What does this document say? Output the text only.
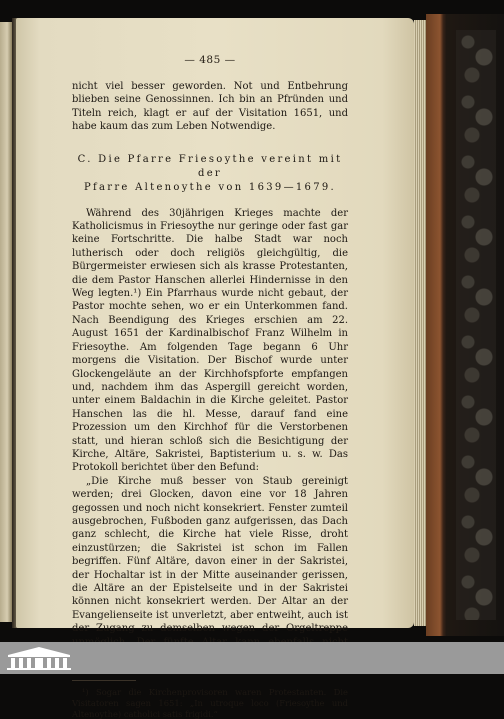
— 485 —

nicht viel besser geworden. Not und Entbehrung blieben seine Genossinnen. Ich bin an Pfründen und Titeln reich, klagt er auf der Visitation 1651, und habe kaum das zum Leben Notwendige.

C. Die Pfarre Friesoythe vereint mit der
Pfarre Altenoythe von 1639—1679.

Während des 30jährigen Krieges machte der Katholicismus in Friesoythe nur geringe oder fast gar keine Fortschritte. Die halbe Stadt war noch lutherisch oder doch religiös gleichgültig, die Bürgermeister erwiesen sich als krasse Protestanten, die dem Pastor Hanschen allerlei Hindernisse in den Weg legten.¹) Ein Pfarrhaus wurde nicht gebaut, der Pastor mochte sehen, wo er ein Unterkommen fand. Nach Beendigung des Krieges erschien am 22. August 1651 der Kardinalbischof Franz Wilhelm in Friesoythe. Am folgenden Tage begann 6 Uhr morgens die Visitation. Der Bischof wurde unter Glockengeläute an der Kirchhofspforte empfangen und, nachdem ihm das Aspergill gereicht worden, unter einem Baldachin in die Kirche geleitet. Pastor Hanschen las die hl. Messe, darauf fand eine Prozession um den Kirchhof für die Verstorbenen statt, und hieran schloß sich die Besichtigung der Kirche, Altäre, Sakristei, Baptisterium u. s. w. Das Protokoll berichtet über den Befund:

„Die Kirche muß besser von Staub gereinigt werden; drei Glocken, davon eine vor 18 Jahren gegossen und noch nicht konsekriert. Fenster zumteil ausgebrochen, Fußboden ganz aufgerissen, das Dach ganz schlecht, die Kirche hat viele Risse, droht einzustürzen; die Sakristei ist schon im Fallen begriffen. Fünf Altäre, davon einer in der Sakristei, der Hochaltar ist in der Mitte auseinander gerissen, die Altäre an der Epistelseite und in der Sakristei können nicht konsekriert werden. Der Altar an der Evangelienseite ist unverletzt, aber entweiht, auch ist der Zugang zu demselben wegen der Orgeltreppe

¹) Sogar die Kirchenprovisoren waren Protestanten. Die Visitatoren sagen 1651: „In utroque loco (Friesoythe und Altenoythe) catholici satis frigidi.“
